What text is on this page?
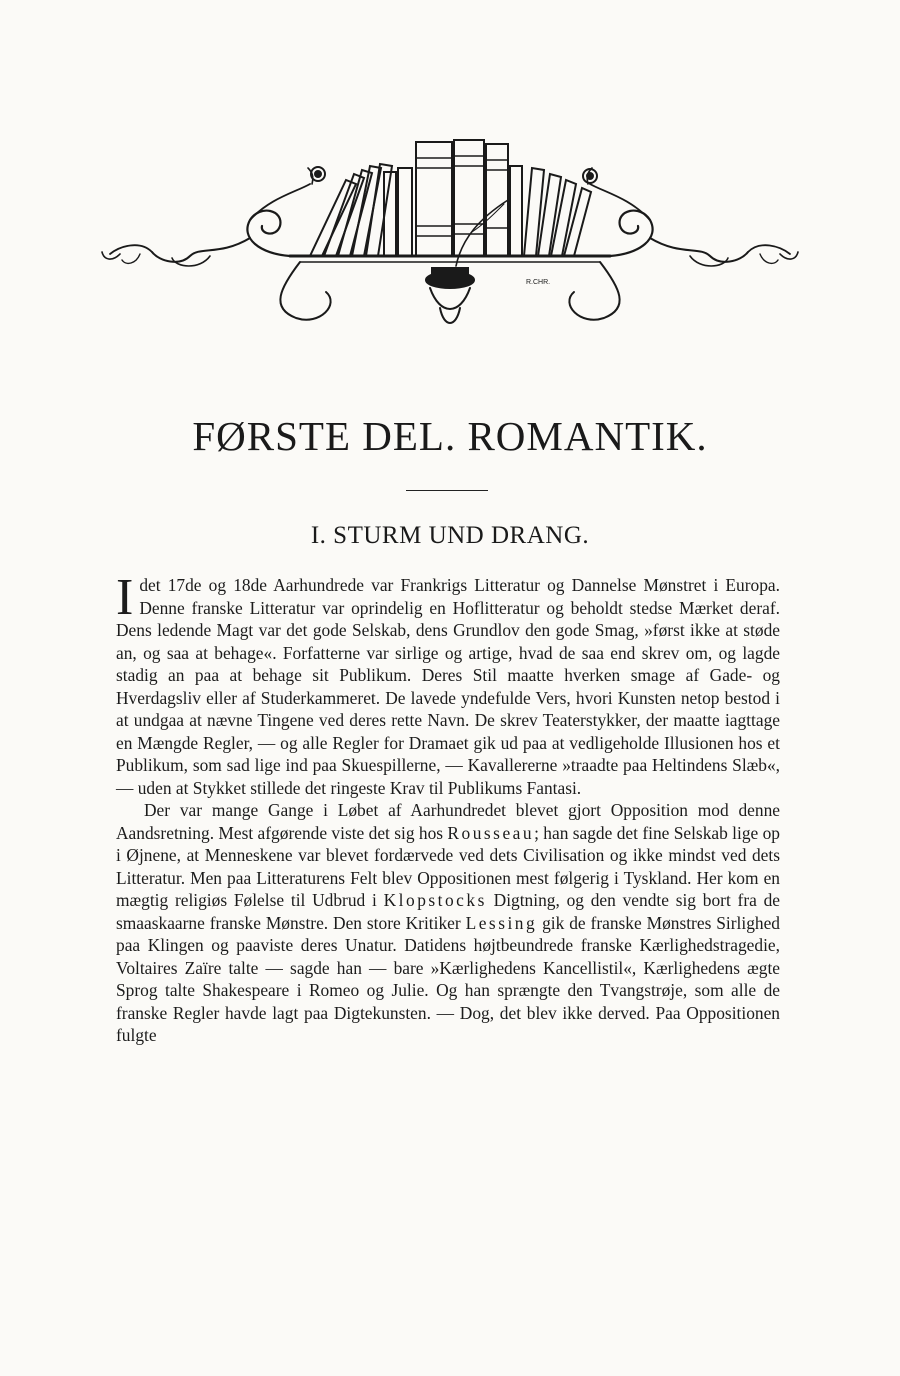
R.CHR.
FØRSTE DEL. ROMANTIK.
I. STURM UND DRANG.

Idet 17de og 18de Aarhundrede var Frankrigs Litteratur og Dannelse Mønstret i Europa. Denne franske Litteratur var oprindelig en Hoflitteratur og beholdt stedse Mærket deraf. Dens ledende Magt var det gode Selskab, dens Grundlov den gode Smag, »først ikke at støde an, og saa at behage«. Forfatterne var sirlige og artige, hvad de saa end skrev om, og lagde stadig an paa at behage sit Publikum. Deres Stil maatte hverken smage af Gade- og Hverdagsliv eller af Studerkammeret. De lavede yndefulde Vers, hvori Kunsten netop bestod i at undgaa at nævne Tingene ved deres rette Navn. De skrev Teaterstykker, der maatte iagttage en Mængde Regler, — og alle Regler for Dramaet gik ud paa at vedligeholde Illusionen hos et Publikum, som sad lige ind paa Skuespillerne, — Kavallererne »traadte paa Heltindens Slæb«, — uden at Stykket stillede det ringeste Krav til Publikums Fantasi.

Der var mange Gange i Løbet af Aarhundredet blevet gjort Opposition mod denne Aandsretning. Mest afgørende viste det sig hos Rousseau; han sagde det fine Selskab lige op i Øjnene, at Menneskene var blevet fordærvede ved dets Civilisation og ikke mindst ved dets Litteratur. Men paa Litteraturens Felt blev Oppositionen mest følgerig i Tyskland. Her kom en mægtig religiøs Følelse til Udbrud i Klopstocks Digtning, og den vendte sig bort fra de smaaskaarne franske Mønstre. Den store Kritiker Lessing gik de franske Mønstres Sirlighed paa Klingen og paaviste deres Unatur. Datidens højtbeundrede franske Kærlighedstragedie, Voltaires Zaïre talte — sagde han — bare »Kærlighedens Kancellistil«, Kærlighedens ægte Sprog talte Shakespeare i Romeo og Julie. Og han sprængte den Tvangstrøje, som alle de franske Regler havde lagt paa Digtekunsten. — Dog, det blev ikke derved. Paa Oppositionen fulgte
